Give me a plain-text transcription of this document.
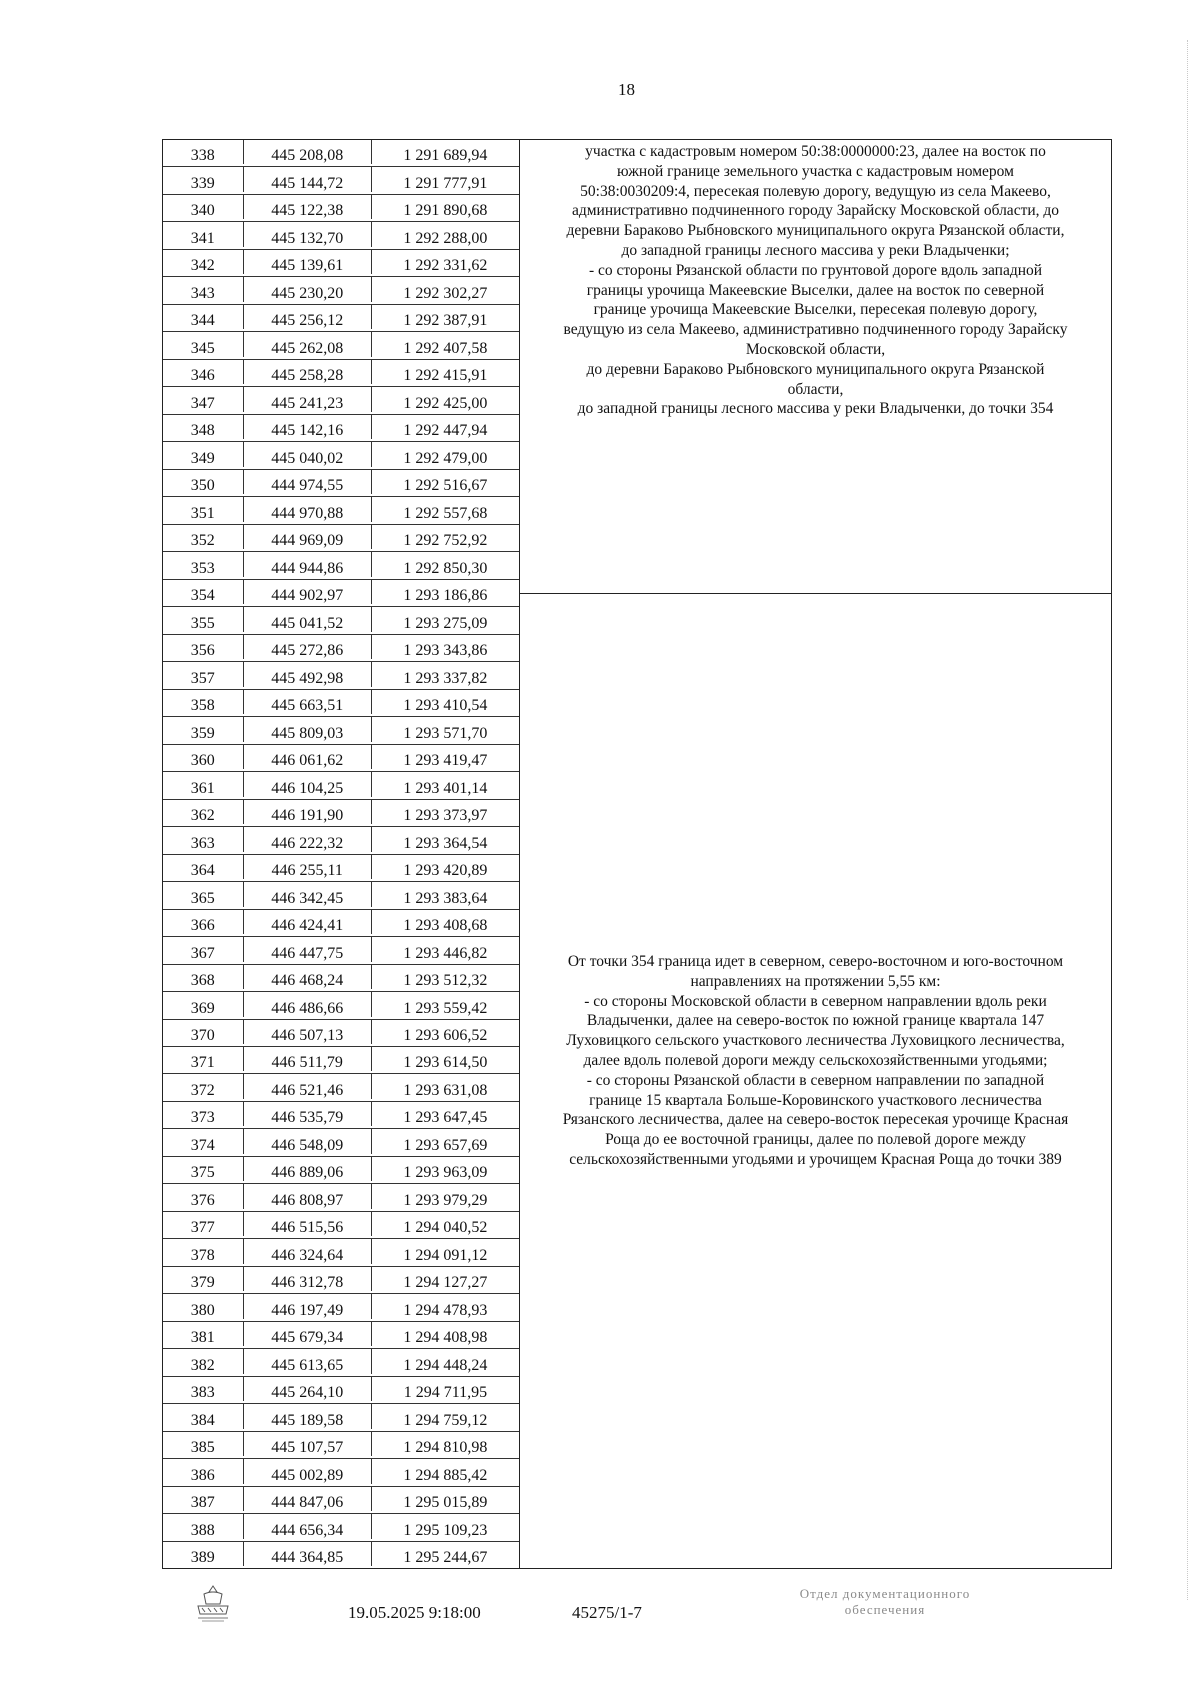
18
338	445 208,08	1 291 689,94
339	445 144,72	1 291 777,91
340	445 122,38	1 291 890,68
341	445 132,70	1 292 288,00
342	445 139,61	1 292 331,62
343	445 230,20	1 292 302,27
344	445 256,12	1 292 387,91
345	445 262,08	1 292 407,58
346	445 258,28	1 292 415,91
347	445 241,23	1 292 425,00
348	445 142,16	1 292 447,94
349	445 040,02	1 292 479,00
350	444 974,55	1 292 516,67
351	444 970,88	1 292 557,68
352	444 969,09	1 292 752,92
353	444 944,86	1 292 850,30
354	444 902,97	1 293 186,86
355	445 041,52	1 293 275,09
356	445 272,86	1 293 343,86
357	445 492,98	1 293 337,82
358	445 663,51	1 293 410,54
359	445 809,03	1 293 571,70
360	446 061,62	1 293 419,47
361	446 104,25	1 293 401,14
362	446 191,90	1 293 373,97
363	446 222,32	1 293 364,54
364	446 255,11	1 293 420,89
365	446 342,45	1 293 383,64
366	446 424,41	1 293 408,68
367	446 447,75	1 293 446,82
368	446 468,24	1 293 512,32
369	446 486,66	1 293 559,42
370	446 507,13	1 293 606,52
371	446 511,79	1 293 614,50
372	446 521,46	1 293 631,08
373	446 535,79	1 293 647,45
374	446 548,09	1 293 657,69
375	446 889,06	1 293 963,09
376	446 808,97	1 293 979,29
377	446 515,56	1 294 040,52
378	446 324,64	1 294 091,12
379	446 312,78	1 294 127,27
380	446 197,49	1 294 478,93
381	445 679,34	1 294 408,98
382	445 613,65	1 294 448,24
383	445 264,10	1 294 711,95
384	445 189,58	1 294 759,12
385	445 107,57	1 294 810,98
386	445 002,89	1 294 885,42
387	444 847,06	1 295 015,89
388	444 656,34	1 295 109,23
389	444 364,85	1 295 244,67

участка с кадастровым номером 50:38:0000000:23, далее на восток по

южной границе земельного участка с кадастровым номером

50:38:0030209:4, пересекая полевую дорогу, ведущую из села Макеево,

административно подчиненного городу Зарайску Московской области, до

деревни Бараково Рыбновского муниципального округа Рязанской области,

до западной границы лесного массива у реки Владыченки;

- со стороны Рязанской области по грунтовой дороге вдоль западной

границы урочища Макеевские Выселки, далее на восток по северной

границе урочища Макеевские Выселки, пересекая полевую дорогу,

ведущую из села Макеево, административно подчиненного городу Зарайску

Московской области,

до деревни Бараково Рыбновского муниципального округа Рязанской

области,

до западной границы лесного массива у реки Владыченки, до точки 354

От точки 354 граница идет в северном, северо-восточном и юго-восточном

направлениях на протяжении 5,55 км:

- со стороны Московской области в северном направлении вдоль реки

Владыченки, далее на северо-восток по южной границе квартала 147

Луховицкого сельского участкового лесничества Луховицкого лесничества,

далее вдоль полевой дороги между сельскохозяйственными угодьями;

- со стороны Рязанской области в северном направлении по западной

границе 15 квартала Больше-Коровинского участкового лесничества

Рязанского лесничества, далее на северо-восток пересекая урочище Красная

Роща до ее восточной границы, далее по полевой дороге между

сельскохозяйственными угодьями и урочищем Красная Роща до точки 389

19.05.2025 9:18:00	45275/1-7
Отдел документационного
обеспечения
